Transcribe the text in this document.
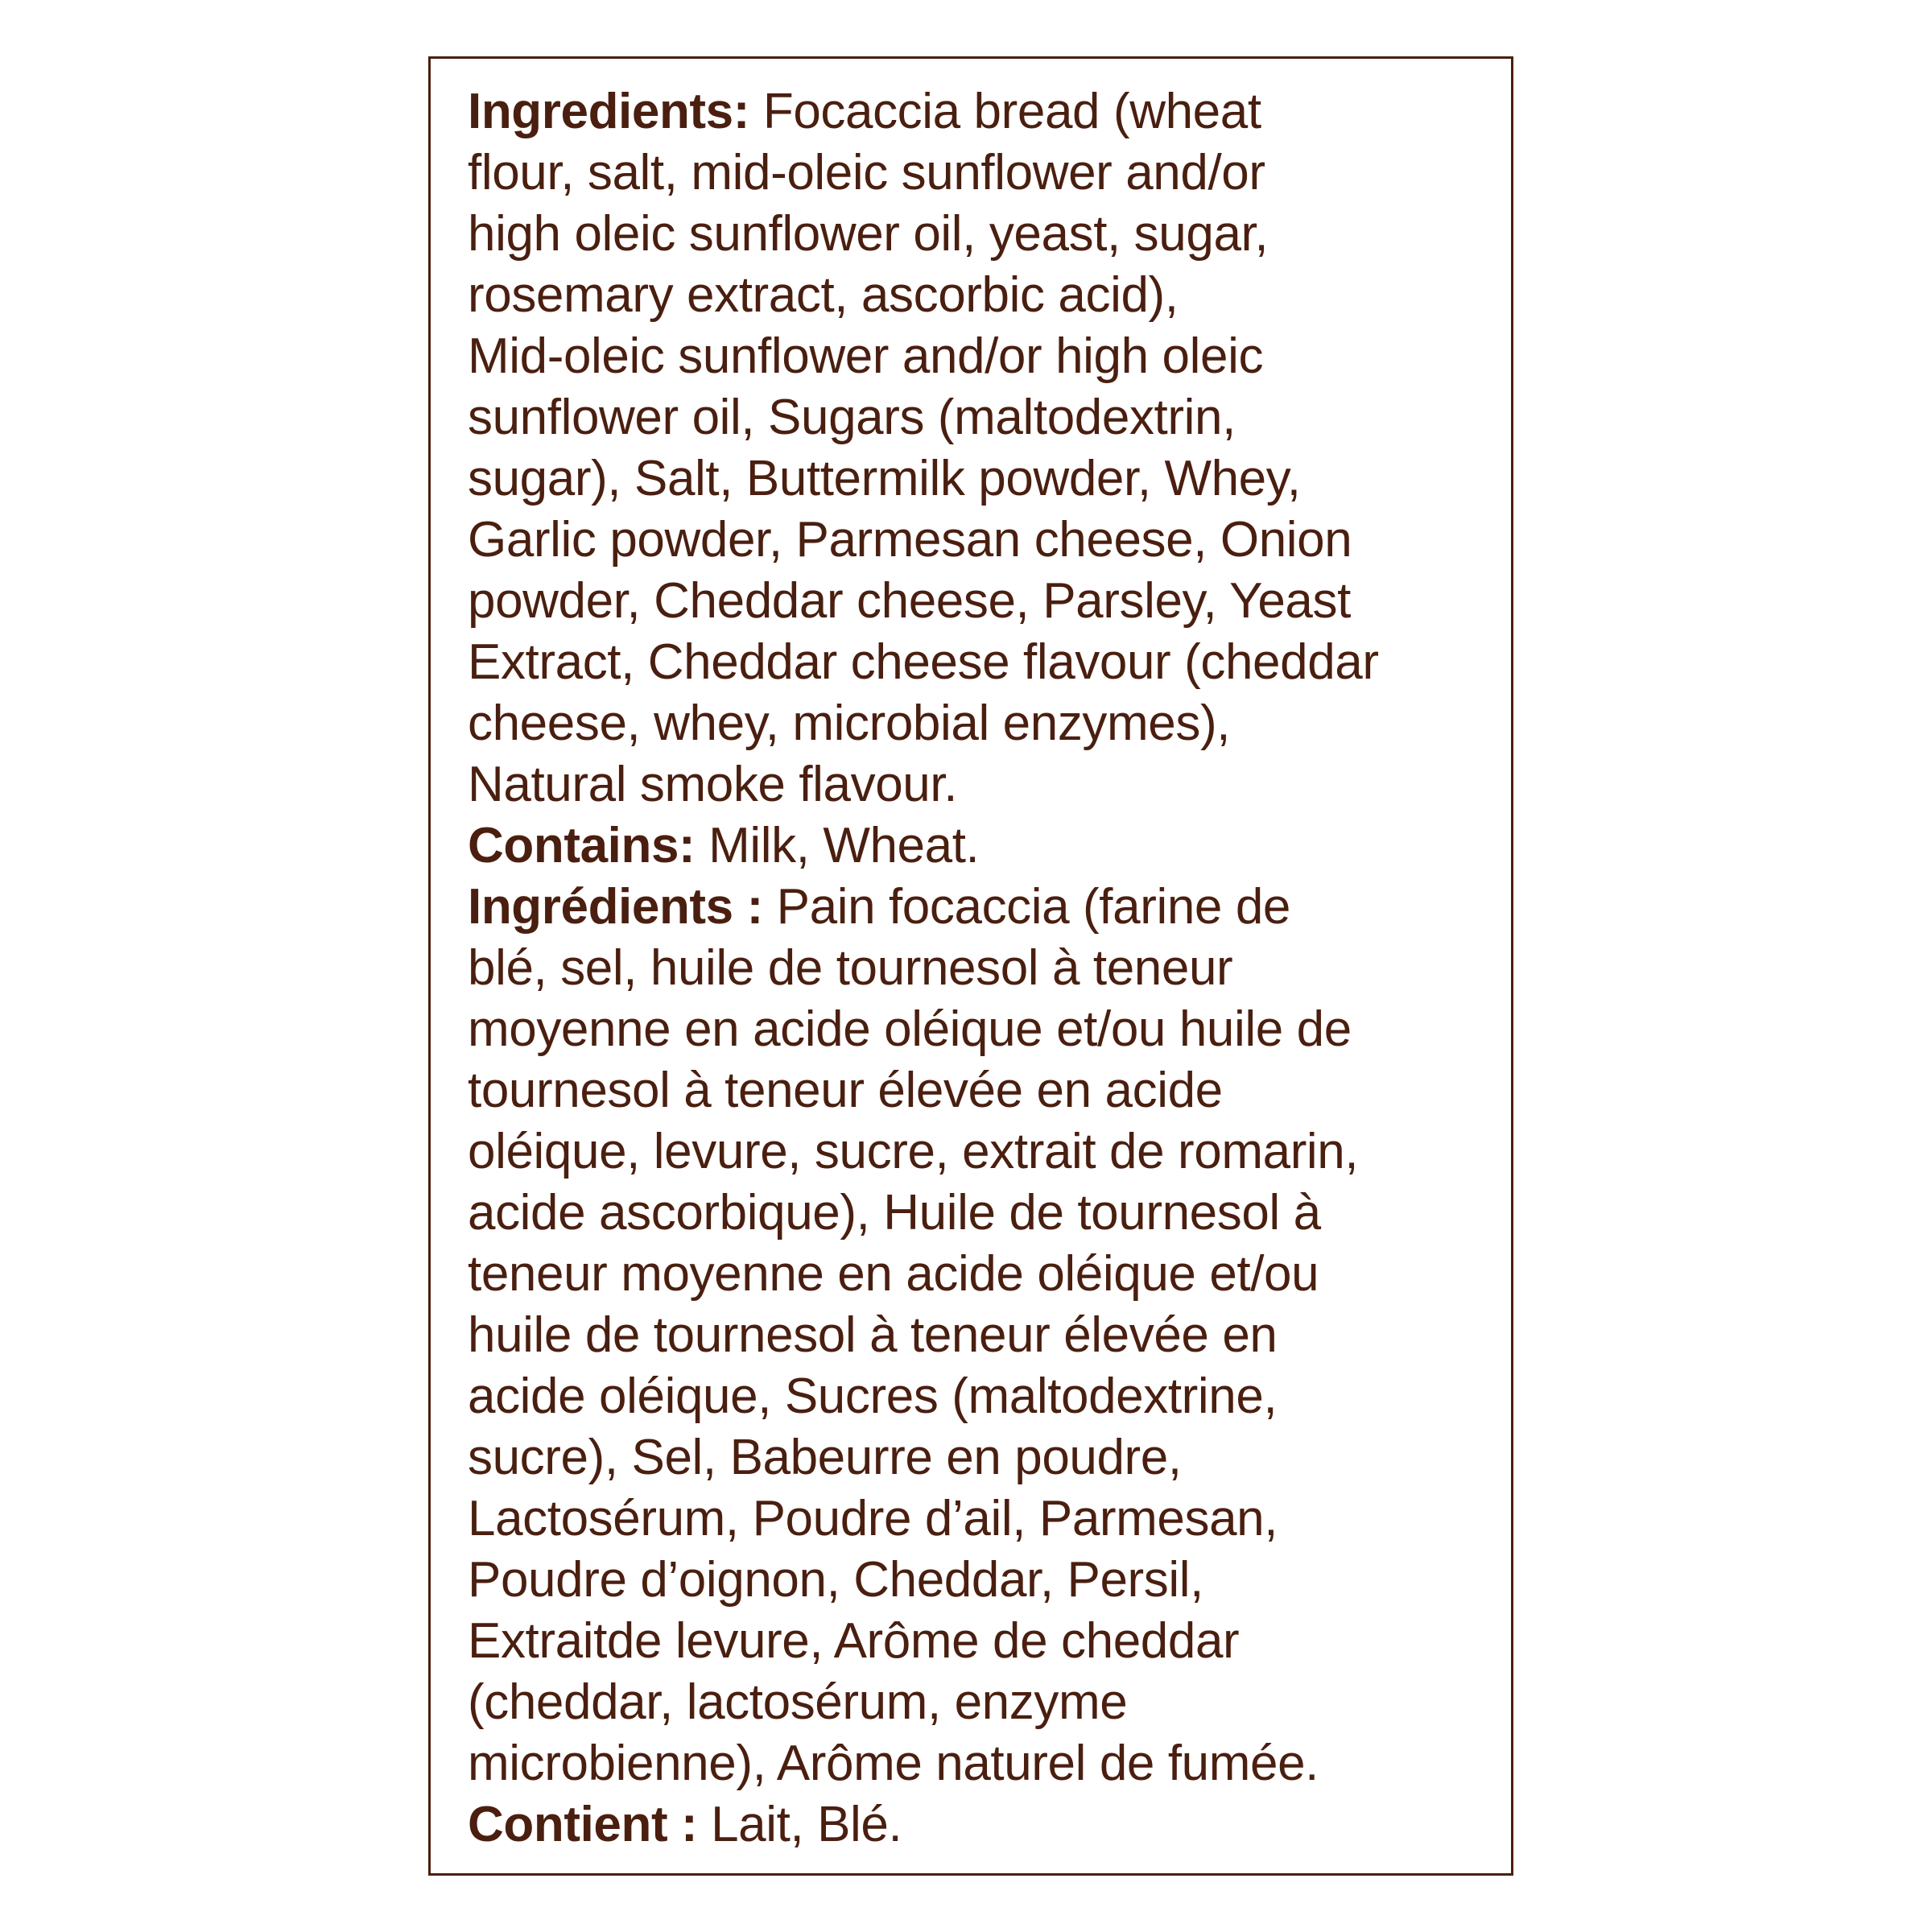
Ingredients: Focaccia bread (wheat
flour, salt, mid-oleic sunflower and/or
high oleic sunflower oil, yeast, sugar,
rosemary extract, ascorbic acid),
Mid-oleic sunflower and/or high oleic
sunflower oil, Sugars (maltodextrin,
sugar), Salt, Buttermilk powder, Whey,
Garlic powder, Parmesan cheese, Onion
powder, Cheddar cheese, Parsley, Yeast
Extract, Cheddar cheese flavour (cheddar
cheese, whey, microbial enzymes),
Natural smoke flavour.
Contains: Milk, Wheat.
Ingrédients : Pain focaccia (farine de
blé, sel, huile de tournesol à teneur
moyenne en acide oléique et/ou huile de
tournesol à teneur élevée en acide
oléique, levure, sucre, extrait de romarin,
acide ascorbique), Huile de tournesol à
teneur moyenne en acide oléique et/ou
huile de tournesol à teneur élevée en
acide oléique, Sucres (maltodextrine,
sucre), Sel, Babeurre en poudre,
Lactosérum, Poudre d’ail, Parmesan,
Poudre d’oignon, Cheddar, Persil,
Extraitde levure, Arôme de cheddar
(cheddar, lactosérum, enzyme
microbienne), Arôme naturel de fumée.
Contient : Lait, Blé.
